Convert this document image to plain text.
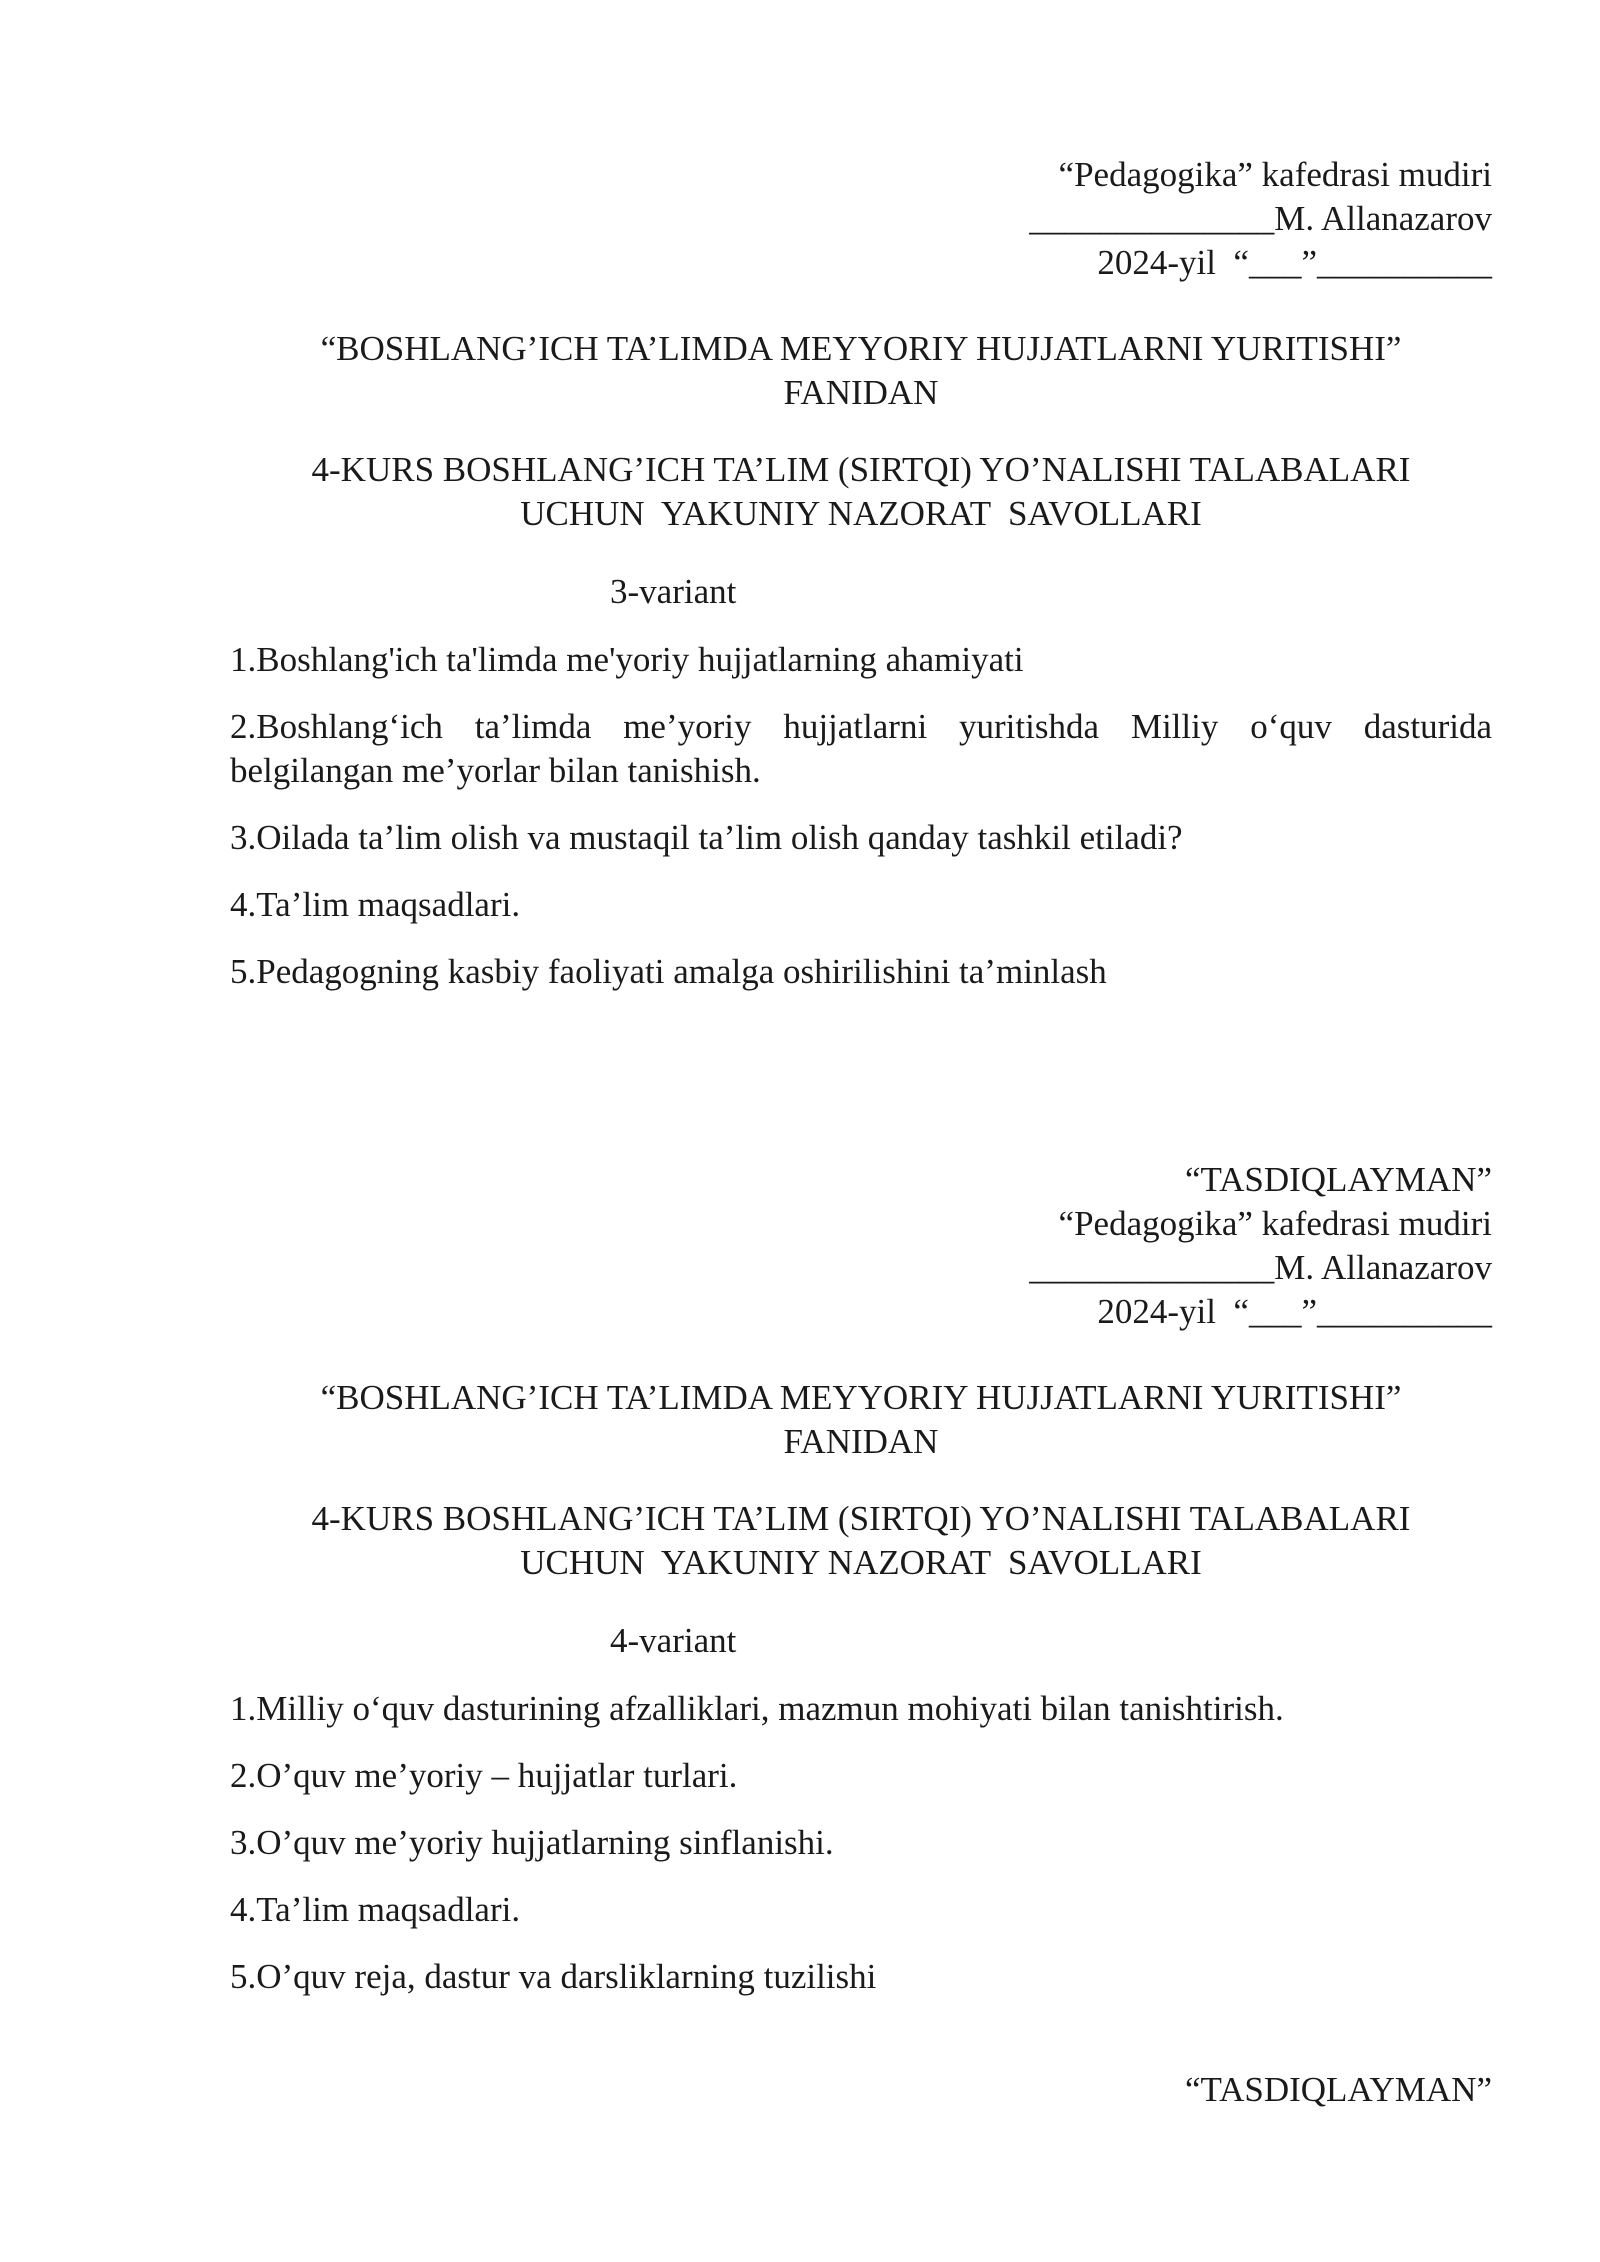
“Pedagogika” kafedrasi mudiri
______________M. Allanazarov
2024-yil  “___”__________
“BOSHLANG’ICH TA’LIMDA MEYYORIY HUJJATLARNI YURITISHI”
FANIDAN
4-KURS BOSHLANG’ICH TA’LIM (SIRTQI) YO’NALISHI TALABALARI
UCHUN  YAKUNIY NAZORAT  SAVOLLARI
3-variant
1.Boshlang'ich ta'limda me'yoriy hujjatlarning ahamiyati
2.Boshlang‘ich ta’limda me’yoriy hujjatlarni yuritishda Milliy o‘quv dasturida belgilangan me’yorlar bilan tanishish.
3.Oilada ta’lim olish va mustaqil ta’lim olish qanday tashkil etiladi?
4.Ta’lim maqsadlari.
5.Pedagogning kasbiy faoliyati amalga oshirilishini ta’minlash
“TASDIQLAYMAN”
“Pedagogika” kafedrasi mudiri
______________M. Allanazarov
2024-yil  “___”__________
“BOSHLANG’ICH TA’LIMDA MEYYORIY HUJJATLARNI YURITISHI”
FANIDAN
4-KURS BOSHLANG’ICH TA’LIM (SIRTQI) YO’NALISHI TALABALARI
UCHUN  YAKUNIY NAZORAT  SAVOLLARI
4-variant
1.Milliy o‘quv dasturining afzalliklari, mazmun mohiyati bilan tanishtirish.
2.O’quv me’yoriy – hujjatlar turlari.
3.O’quv me’yoriy hujjatlarning sinflanishi.
4.Ta’lim maqsadlari.
5.O’quv reja, dastur va darsliklarning tuzilishi
“TASDIQLAYMAN”
